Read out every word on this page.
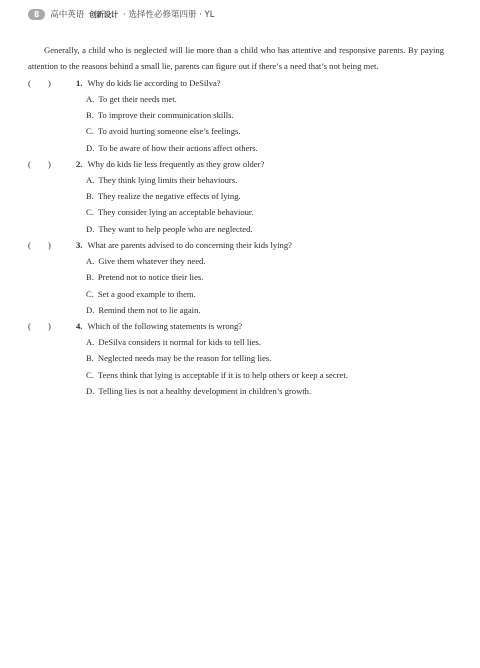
8	高中英语 创新设计 · 选择性必修第四册 · YL

Generally, a child who is neglected will lie more than a child who has attentive and responsive parents. By paying attention to the reasons behind a small lie, parents can figure out if there’s a need that’s not being met.

(        )	1. Why do kids lie according to DeSilva?
A. To get their needs met.
B. To improve their communication skills.
C. To avoid hurting someone else’s feelings.
D. To be aware of how their actions affect others.
(        )	2. Why do kids lie less frequently as they grow older?
A. They think lying limits their behaviours.
B. They realize the negative effects of lying.
C. They consider lying an acceptable behaviour.
D. They want to help people who are neglected.
(        )	3. What are parents advised to do concerning their kids lying?
A. Give them whatever they need.
B. Pretend not to notice their lies.
C. Set a good example to them.
D. Remind them not to lie again.
(        )	4. Which of the following statements is wrong?
A. DeSilva considers it normal for kids to tell lies.
B. Neglected needs may be the reason for telling lies.
C. Teens think that lying is acceptable if it is to help others or keep a secret.
D. Telling lies is not a healthy development in children’s growth.
